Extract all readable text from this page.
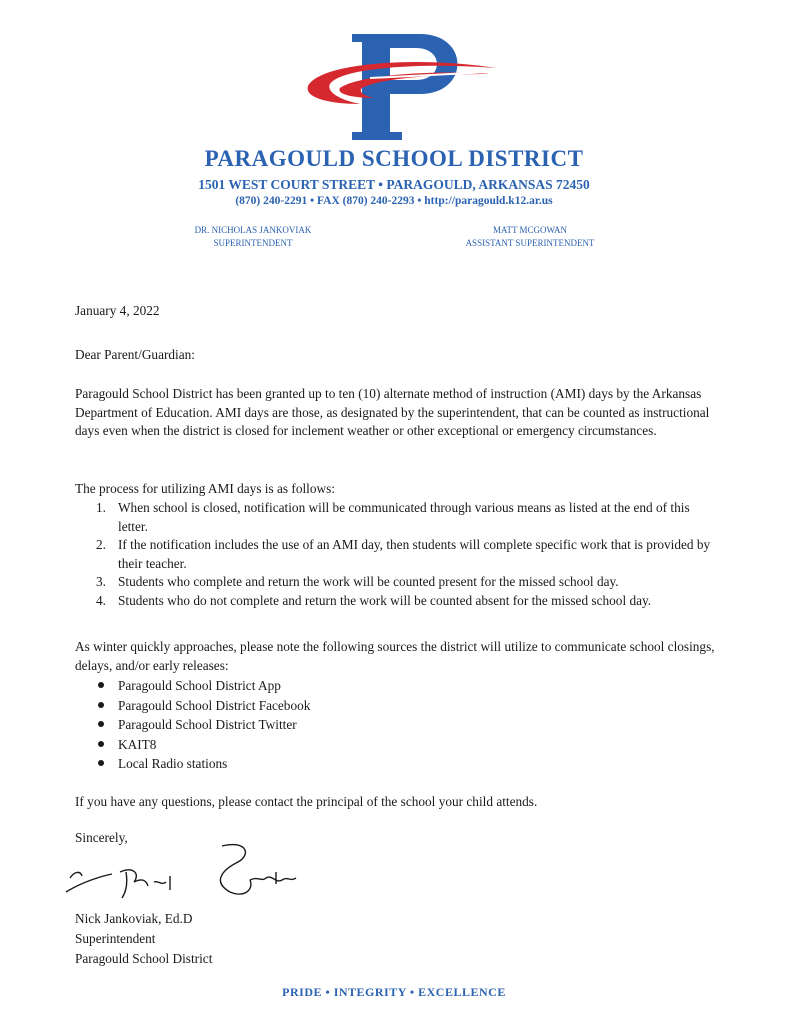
PARAGOULD SCHOOL DISTRICT
1501 WEST COURT STREET • PARAGOULD, ARKANSAS 72450
(870) 240-2291 • FAX (870) 240-2293 • http://paragould.k12.ar.us
DR. NICHOLAS JANKOVIAK
SUPERINTENDENT
MATT MCGOWAN
ASSISTANT SUPERINTENDENT
January 4, 2022
Dear Parent/Guardian:
Paragould School District has been granted up to ten (10) alternate method of instruction (AMI) days by the Arkansas Department of Education. AMI days are those, as designated by the superintendent, that can be counted as instructional days even when the district is closed for inclement weather or other exceptional or emergency circumstances.
The process for utilizing AMI days is as follows:
1. When school is closed, notification will be communicated through various means as listed at the end of this letter.
2. If the notification includes the use of an AMI day, then students will complete specific work that is provided by their teacher.
3. Students who complete and return the work will be counted present for the missed school day.
4. Students who do not complete and return the work will be counted absent for the missed school day.
As winter quickly approaches, please note the following sources the district will utilize to communicate school closings, delays, and/or early releases:
Paragould School District App
Paragould School District Facebook
Paragould School District Twitter
KAIT8
Local Radio stations
If you have any questions, please contact the principal of the school your child attends.
Sincerely,
Nick Jankoviak, Ed.D
Superintendent
Paragould School District
PRIDE • INTEGRITY • EXCELLENCE
